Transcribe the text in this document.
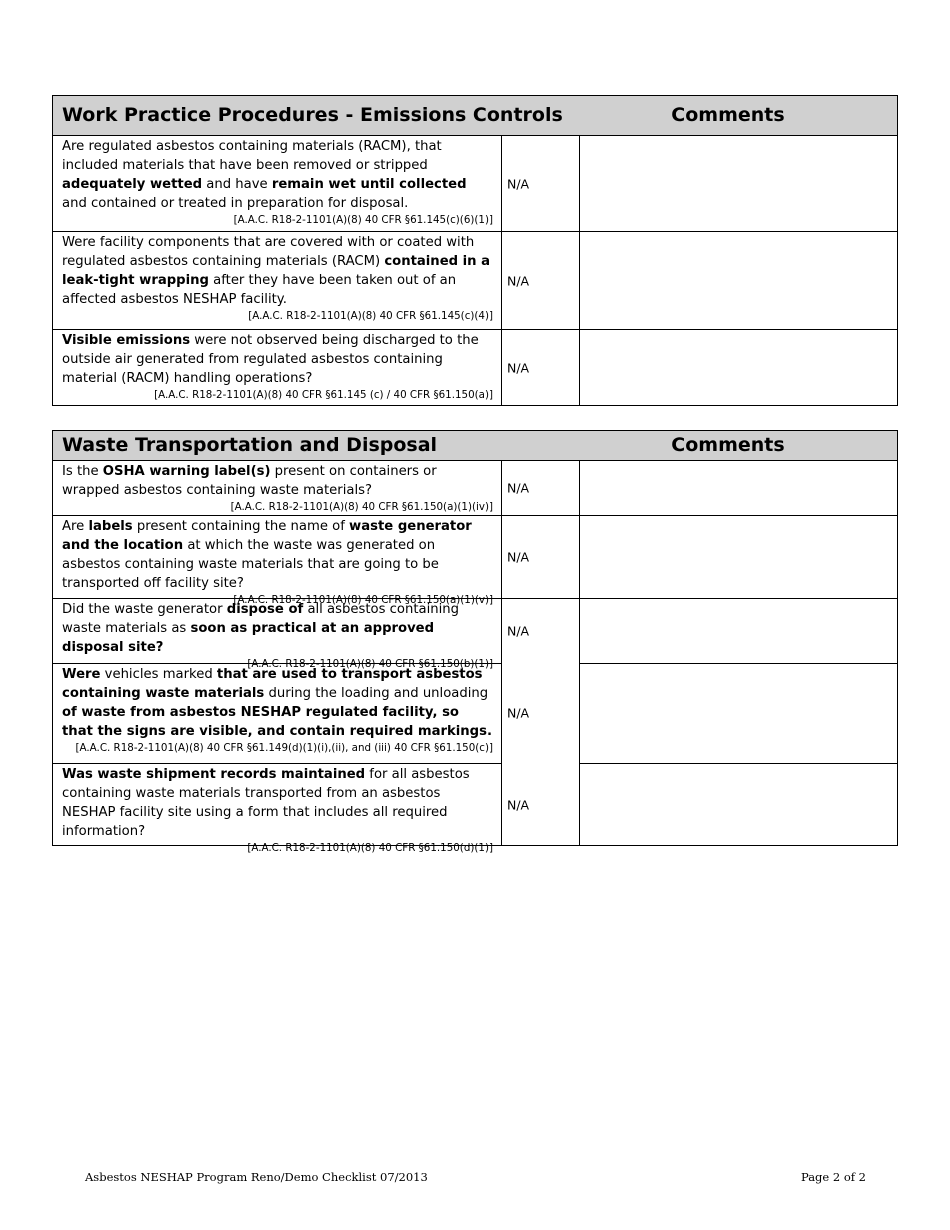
Work Practice Procedures - Emissions Controls	Comments
Are regulated asbestos containing materials (RACM), that included materials that have been removed or stripped adequately wetted and have remain wet until collected and contained or treated in preparation for disposal.
[A.A.C. R18-2-1101(A)(8) 40 CFR §61.145(c)(6)(1)]
N/A
Were facility components that are covered with or coated with regulated asbestos containing materials (RACM) contained in a leak-tight wrapping after they have been taken out of an affected asbestos NESHAP facility.
[A.A.C. R18-2-1101(A)(8) 40 CFR §61.145(c)(4)]
N/A
Visible emissions were not observed being discharged to the outside air generated from regulated asbestos containing material (RACM) handling operations?
[A.A.C. R18-2-1101(A)(8) 40 CFR §61.145 (c) / 40 CFR §61.150(a)]
N/A
Waste Transportation and Disposal	Comments
Is the OSHA warning label(s) present on containers or wrapped asbestos containing waste materials?
[A.A.C. R18-2-1101(A)(8) 40 CFR §61.150(a)(1)(iv)]
N/A
Are labels present containing the name of waste generator and the location at which the waste was generated on asbestos containing waste materials that are going to be transported off facility site?
[A.A.C. R18-2-1101(A)(8) 40 CFR §61.150(a)(1)(v)]
N/A
Did the waste generator dispose of all asbestos containing waste materials as soon as practical at an approved disposal site?
[A.A.C. R18-2-1101(A)(8) 40 CFR §61.150(b)(1)]
N/A
Were vehicles marked that are used to transport asbestos containing waste materials during the loading and unloading of waste from asbestos NESHAP regulated facility, so that the signs are visible, and contain required markings.
[A.A.C. R18-2-1101(A)(8) 40 CFR §61.149(d)(1)(i),(ii), and (iii) 40 CFR §61.150(c)]
N/A
Was waste shipment records maintained for all asbestos containing waste materials transported from an asbestos NESHAP facility site using a form that includes all required information?
[A.A.C. R18-2-1101(A)(8) 40 CFR §61.150(d)(1)]
N/A
Asbestos NESHAP Program Reno/Demo Checklist 07/2013	Page 2 of 2
